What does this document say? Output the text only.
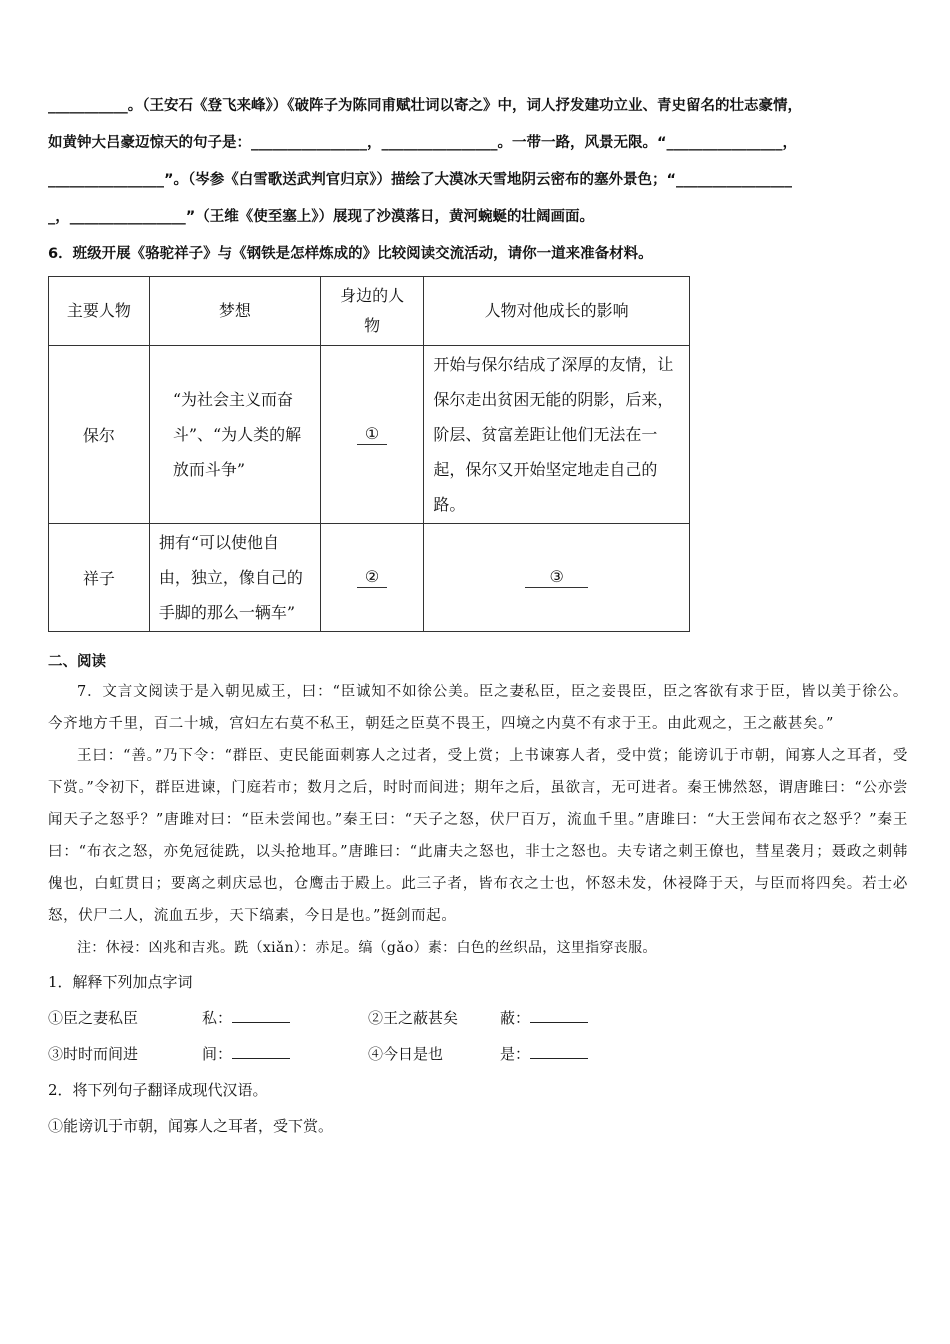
___________。（王安石《登飞来峰》）《破阵子为陈同甫赋壮词以寄之》中，词人抒发建功立业、青史留名的壮志豪情，
如黄钟大吕豪迈惊天的句子是：________________，________________。一带一路，风景无限。“________________，
________________”。（岑参《白雪歌送武判官归京》）描绘了大漠冰天雪地阴云密布的塞外景色；“________________
_，________________”（王维《使至塞上》）展现了沙漠落日，黄河蜿蜒的壮阔画面。
6．班级开展《骆驼祥子》与《钢铁是怎样炼成的》比较阅读交流活动，请你一道来准备材料。
主要人物	梦想	身边的人物	人物对他成长的影响
保尔	“为社会主义而奋斗”、“为人类的解放而斗争”	①	开始与保尔结成了深厚的友情，让保尔走出贫困无能的阴影，后来，阶层、贫富差距让他们无法在一起，保尔又开始坚定地走自己的路。

祥子	拥有“可以使他自由，独立，像自己的手脚的那么一辆车”	②	③
二、阅读
7．文言文阅读于是入朝见威王，曰：“臣诚知不如徐公美。臣之妻私臣，臣之妾畏臣，臣之客欲有求于臣，皆以美于徐公。今齐地方千里，百二十城，宫妇左右莫不私王，朝廷之臣莫不畏王，四境之内莫不有求于王。由此观之，王之蔽甚矣。”
王曰：“善。”乃下令：“群臣、吏民能面刺寡人之过者，受上赏；上书谏寡人者，受中赏；能谤讥于市朝，闻寡人之耳者，受下赏。”令初下，群臣进谏，门庭若市；数月之后，时时而间进；期年之后，虽欲言，无可进者。秦王怫然怒，谓唐雎曰：“公亦尝闻天子之怒乎？”唐雎对曰：“臣未尝闻也。”秦王曰：“天子之怒，伏尸百万，流血千里。”唐雎曰：“大王尝闻布衣之怒乎？”秦王曰：“布衣之怒，亦免冠徒跣，以头抢地耳。”唐雎曰：“此庸夫之怒也，非士之怒也。夫专诸之刺王僚也，彗星袭月；聂政之刺韩傀也，白虹贯日；要离之刺庆忌也，仓鹰击于殿上。此三子者，皆布衣之士也，怀怒未发，休祲降于天，与臣而将四矣。若士必怒，伏尸二人，流血五步，天下缟素，今日是也。”挺剑而起。
注：休祲：凶兆和吉兆。跣（xiǎn）：赤足。缟（gǎo）素：白色的丝织品，这里指穿丧服。
1．解释下列加点字词
①臣之妻私臣	私：	②王之蔽甚矣	蔽：
③时时而间进	间：	④今日是也	是：
2．将下列句子翻译成现代汉语。
①能谤讥于市朝，闻寡人之耳者，受下赏。
